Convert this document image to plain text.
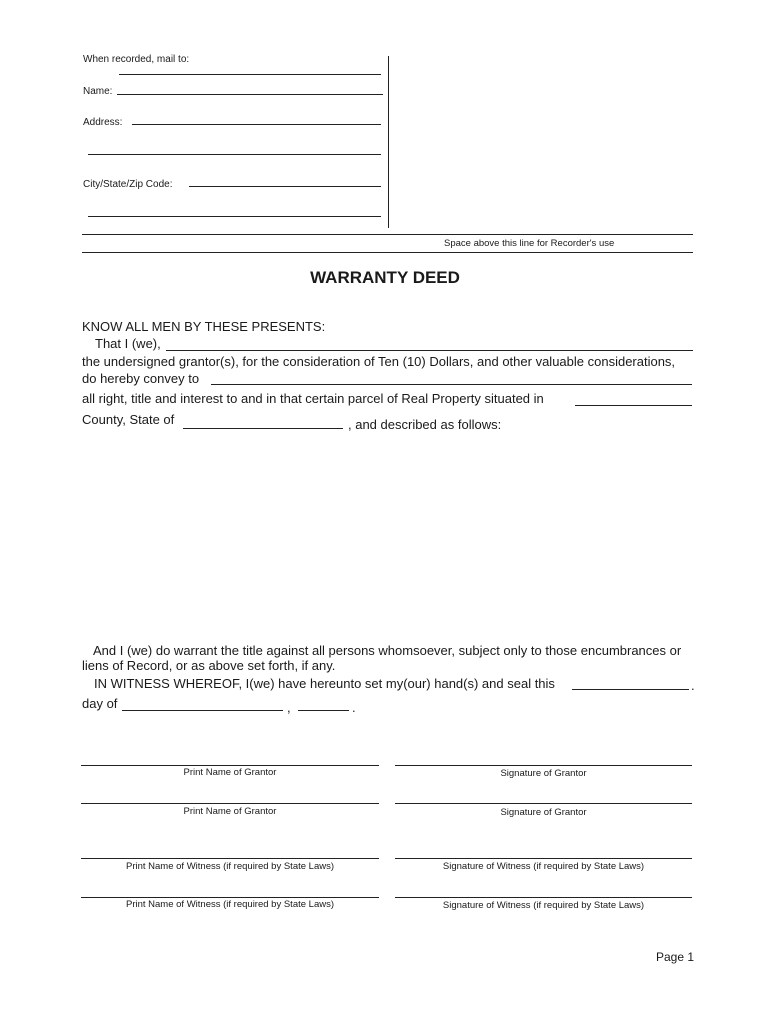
When recorded, mail to:
Name:
Address:
City/State/Zip Code:
Space above this line for Recorder's use
WARRANTY DEED
KNOW ALL MEN BY THESE PRESENTS:
That I (we),
the undersigned grantor(s), for the consideration of Ten (10) Dollars, and other valuable considerations,
do hereby convey to
all right, title and interest to and in that certain parcel of Real Property situated in
County, State of	, and described as follows:
And I (we) do warrant the title against all persons whomsoever, subject only to those encumbrances or
liens of Record, or as above set forth, if any.
IN WITNESS WHEREOF, I(we) have hereunto set my(our) hand(s) and seal this	.
day of	,	.
Print Name of Grantor	Signature of Grantor
Print Name of Grantor	Signature of Grantor
Print Name of Witness (if required by State Laws)	Signature of Witness (if required by State Laws)
Print Name of Witness (if required by State Laws)	Signature of Witness (if required by State Laws)
Page 1
